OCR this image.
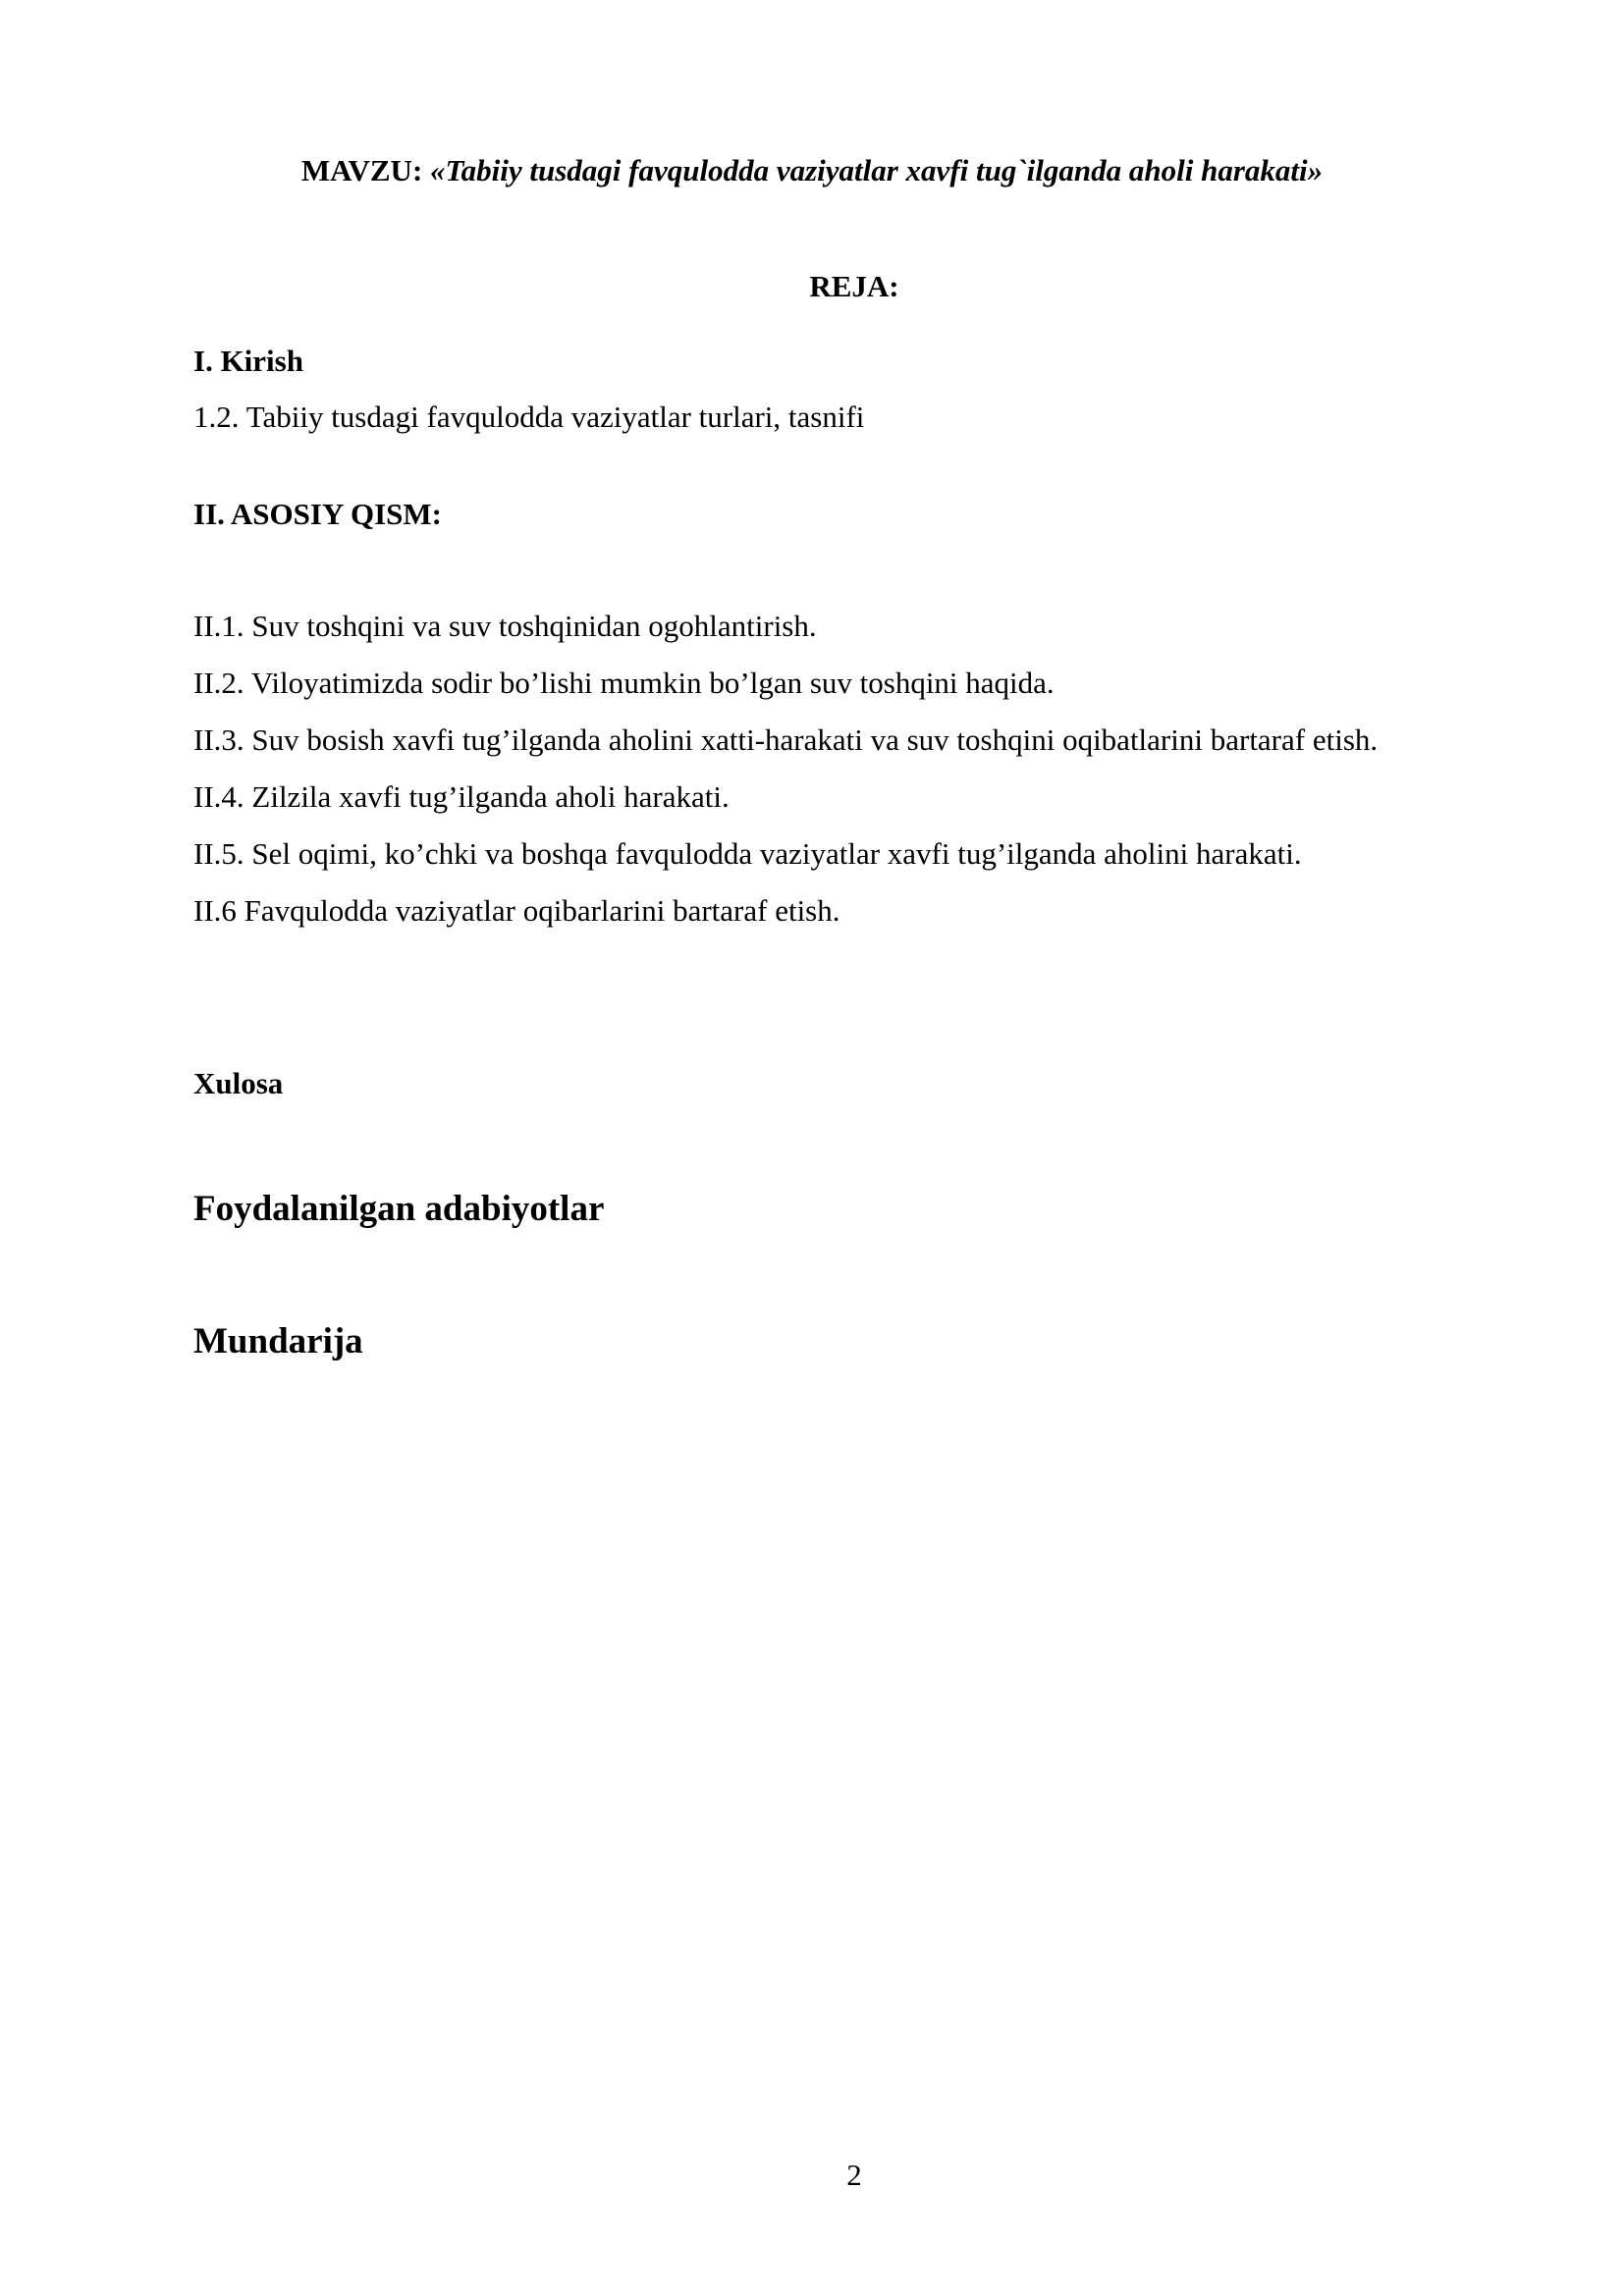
MAVZU: «Tabiiy tusdagi favqulodda vaziyatlar xavfi tug`ilganda aholi harakati»
REJA:
I. Kirish
1.2. Tabiiy tusdagi favqulodda vaziyatlar turlari, tasnifi
II. ASOSIY QISM:
II.1. Suv toshqini va suv toshqinidan ogohlantirish.
II.2. Viloyatimizda sodir bo’lishi mumkin bo’lgan suv toshqini haqida.
II.3. Suv bosish xavfi tug’ilganda aholini xatti-harakati va suv toshqini oqibatlarini bartaraf etish.
II.4. Zilzila xavfi tug’ilganda aholi harakati.
II.5. Sel oqimi, ko’chki va boshqa favqulodda vaziyatlar xavfi tug’ilganda aholini harakati.
II.6 Favqulodda vaziyatlar oqibarlarini bartaraf etish.
Xulosa
Foydalanilgan adabiyotlar
Mundarija
2
